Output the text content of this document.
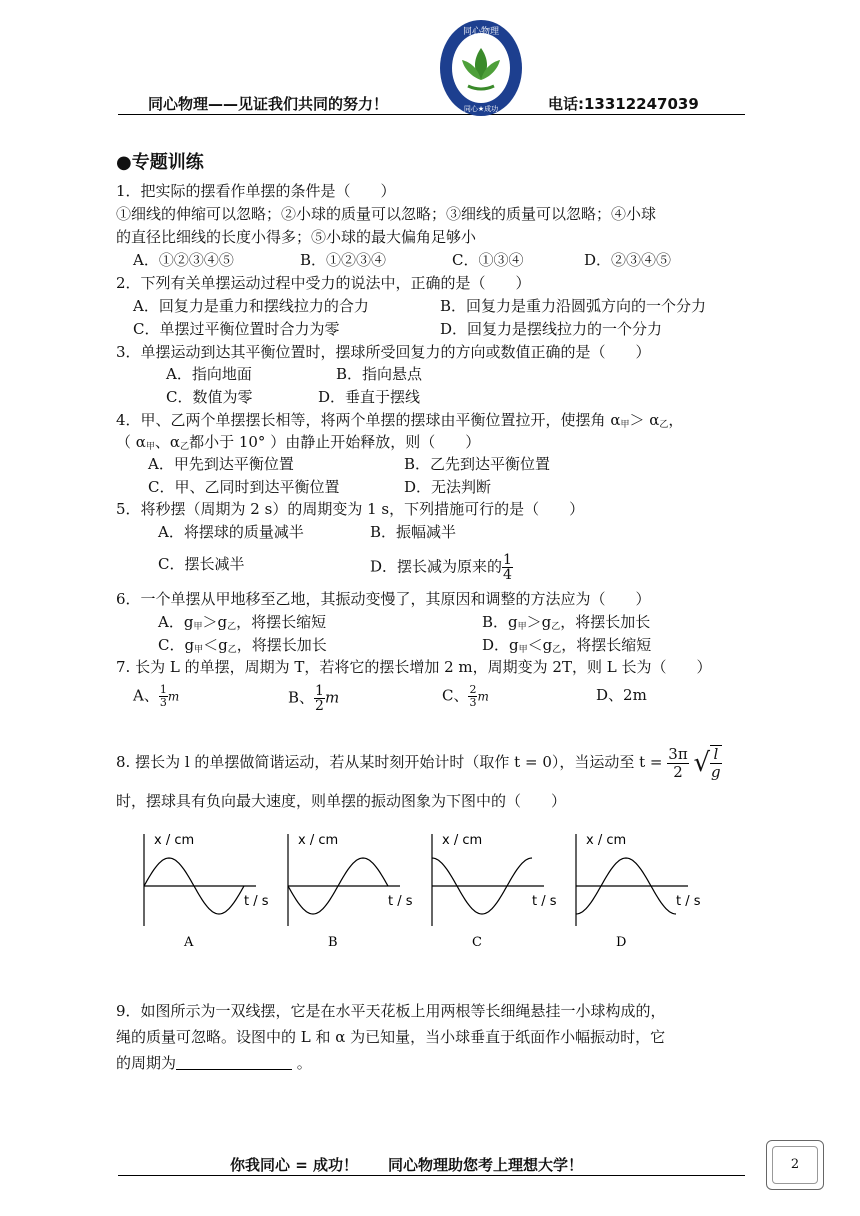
同心物理——见证我们共同的努力！	电话:13312247039
同心物理
同心★成功
●专题训练
1．把实际的摆看作单摆的条件是（　　）
①细线的伸缩可以忽略；②小球的质量可以忽略；③细线的质量可以忽略；④小球
的直径比细线的长度小得多；⑤小球的最大偏角足够小
A．①②③④⑤	B．①②③④	C．①③④	D．②③④⑤
2．下列有关单摆运动过程中受力的说法中，正确的是（　　）
A．回复力是重力和摆线拉力的合力	B．回复力是重力沿圆弧方向的一个分力
C．单摆过平衡位置时合力为零	D．回复力是摆线拉力的一个分力
3．单摆运动到达其平衡位置时，摆球所受回复力的方向或数值正确的是（　　）
A．指向地面	B．指向悬点
C．数值为零	D．垂直于摆线
4．甲、乙两个单摆摆长相等，将两个单摆的摆球由平衡位置拉开，使摆角 $\alpha_甲> \alpha_乙$，
（ $\alpha_甲$、$\alpha_乙$都小于 10° ）由静止开始释放，则（　　）
A．甲先到达平衡位置	B．乙先到达平衡位置
C．甲、乙同时到达平衡位置	D．无法判断
5．将秒摆（周期为 2 s）的周期变为 1 s，下列措施可行的是（　　）
A．将摆球的质量减半	B．振幅减半
C．摆长减半	D．摆长减为原来的 $\frac{1}{4}$
6．一个单摆从甲地移至乙地，其振动变慢了，其原因和调整的方法应为（　　）
A．$g_甲>g_乙$，将摆长缩短	B．$g_甲>g_乙$，将摆长加长
C．$g_甲<g_乙$，将摆长加长	D．$g_甲<g_乙$，将摆长缩短
7. 长为 L 的单摆，周期为 T，若将它的摆长增加 2 m，周期变为 2T，则 L 长为（　　）
A、 $\frac{1}{3}$ m	B、 $\frac{1}{2}$ m	C、 $\frac{2}{3}$ m	D、2m
8. 摆长为 l 的单摆做简谐运动，若从某时刻开始计时（取作 t = 0），当运动至 $t = \frac{3\pi}{2}$ √ $\frac{l}{g}$
时，摆球具有负向最大速度，则单摆的振动图象为下图中的（　　）
x / cm
t / s
A
x / cm
t / s
B
x / cm
t / s
C
x / cm
t / s
D
9．如图所示为一双线摆，它是在水平天花板上用两根等长细绳悬挂一小球构成的，
绳的质量可忽略。设图中的 L 和 α 为已知量，当小球垂直于纸面作小幅振动时，它
的周期为	。
你我同心 = 成功！　　同心物理助您考上理想大学！	2
